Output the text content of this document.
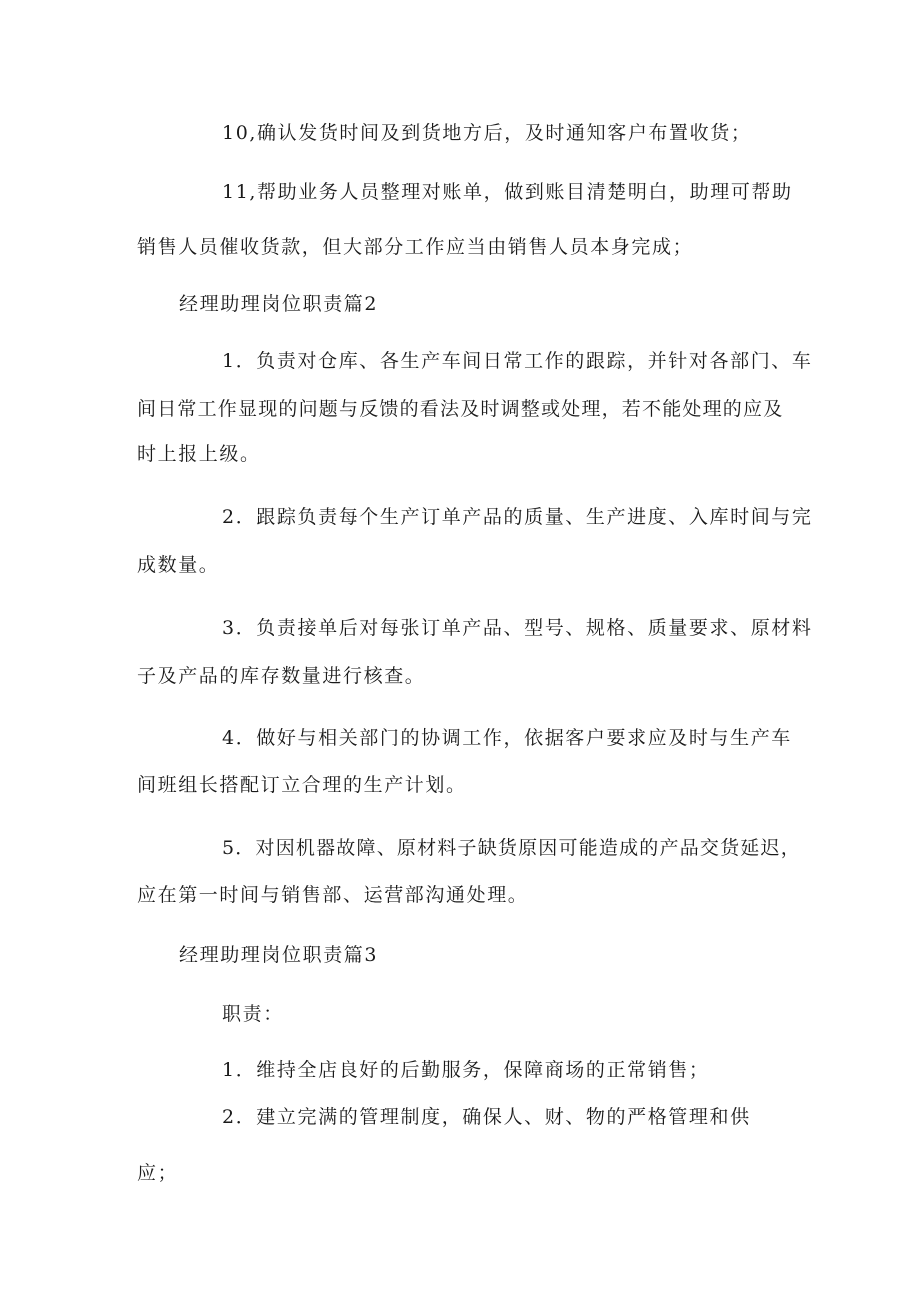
10,确认发货时间及到货地方后，及时通知客户布置收货；
11,帮助业务人员整理对账单，做到账目清楚明白，助理可帮助
销售人员催收货款，但大部分工作应当由销售人员本身完成；
经理助理岗位职责篇2
1．负责对仓库、各生产车间日常工作的跟踪，并针对各部门、车
间日常工作显现的问题与反馈的看法及时调整或处理，若不能处理的应及
时上报上级。
2．跟踪负责每个生产订单产品的质量、生产进度、入库时间与完
成数量。
3．负责接单后对每张订单产品、型号、规格、质量要求、原材料
子及产品的库存数量进行核查。
4．做好与相关部门的协调工作，依据客户要求应及时与生产车
间班组长搭配订立合理的生产计划。
5．对因机器故障、原材料子缺货原因可能造成的产品交货延迟，
应在第一时间与销售部、运营部沟通处理。
经理助理岗位职责篇3
职责：
1．维持全店良好的后勤服务，保障商场的正常销售；
2．建立完满的管理制度，确保人、财、物的严格管理和供
应；
